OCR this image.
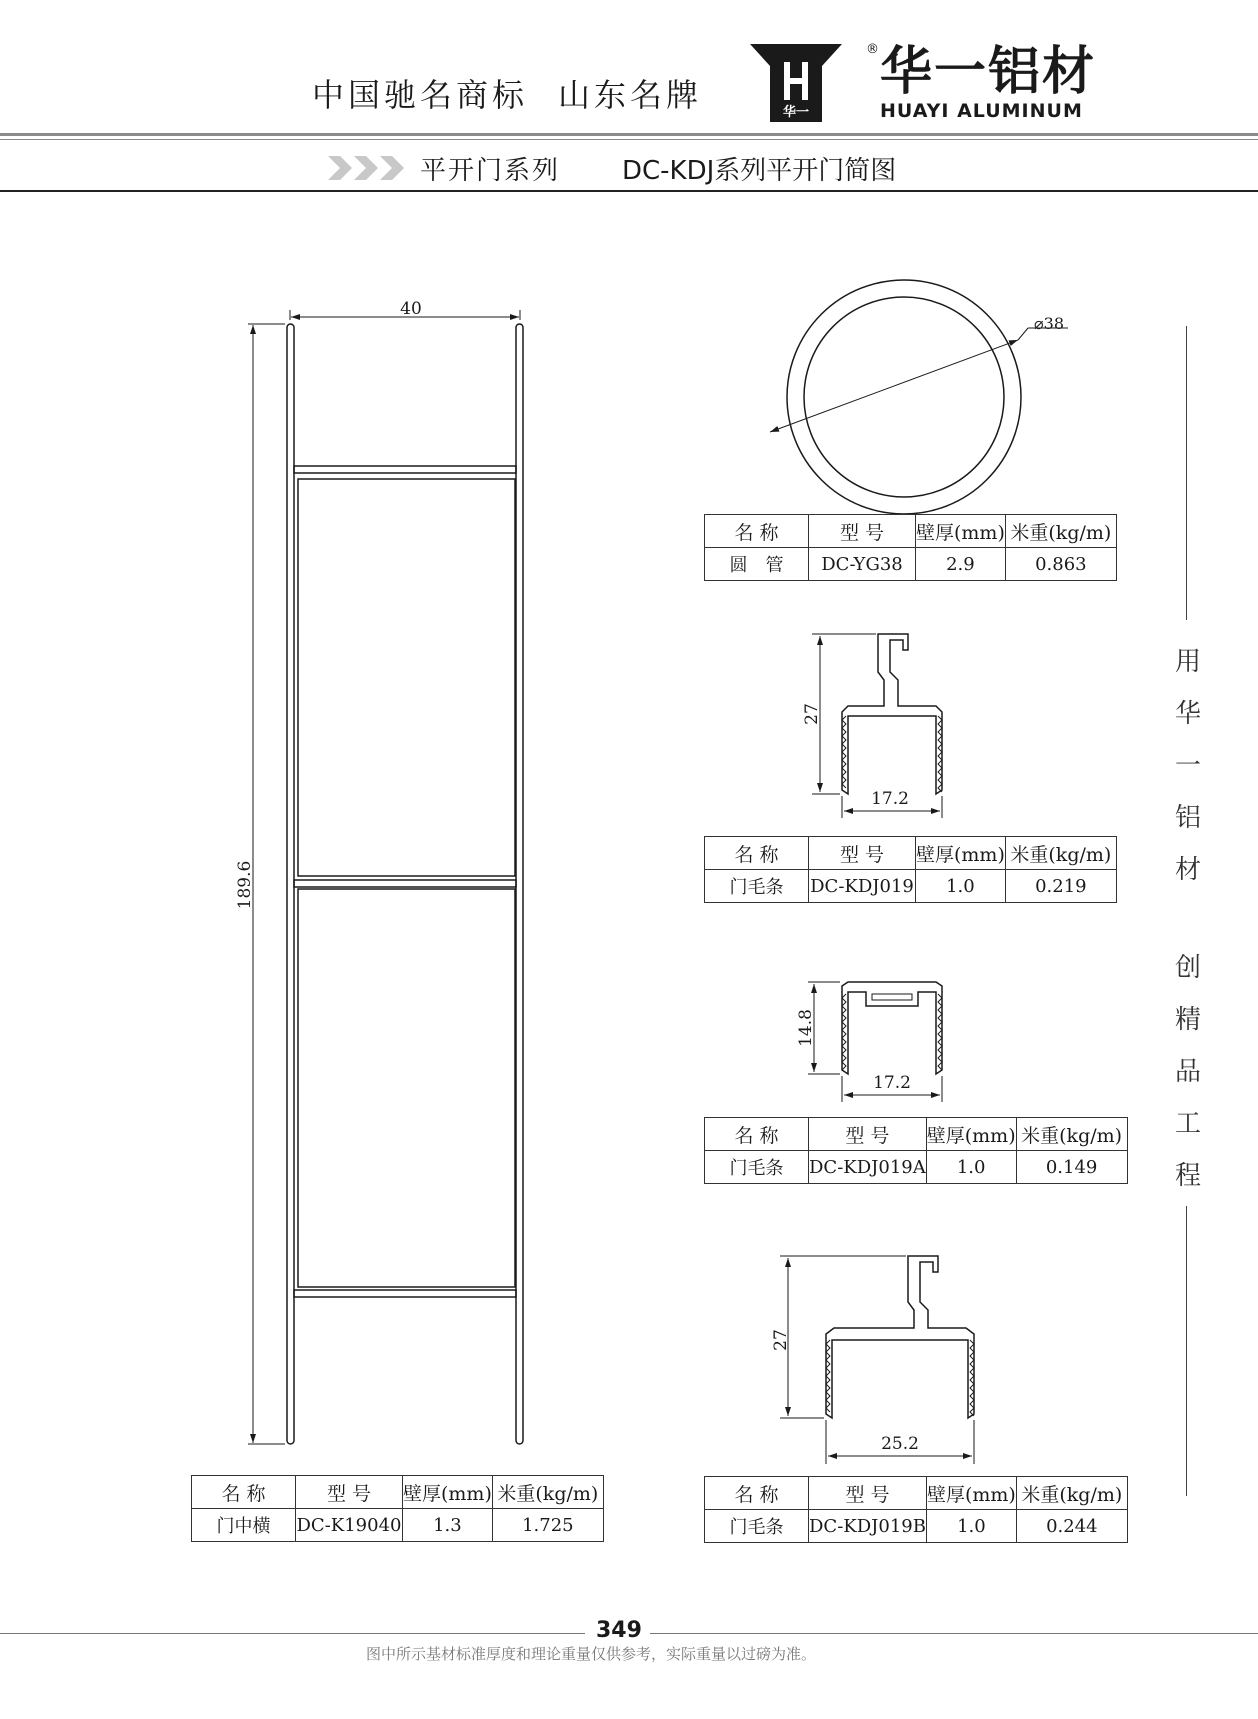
中国驰名商标 山东名牌	华一
® 华一铝材
HUAYI ALUMINUM
平开门系列 DC-KDJ系列平开门简图
40
189.6
⌀38
27
17.2
14.8
17.2
27
25.2
名 称	型 号	壁厚(mm)	米重(kg/m)
门中横	DC-K19040	1.3	1.725
名 称	型 号	壁厚(mm)	米重(kg/m)
圆　管	DC-YG38	2.9	0.863
名 称	型 号	壁厚(mm)	米重(kg/m)
门毛条	DC-KDJ019	1.0	0.219
名 称	型 号	壁厚(mm)	米重(kg/m)
门毛条	DC-KDJ019A	1.0	0.149
名 称	型 号	壁厚(mm)	米重(kg/m)
门毛条	DC-KDJ019B	1.0	0.244
用
华
一
铝
材
创
精
品
工
程
349
图中所示基材标准厚度和理论重量仅供参考，实际重量以过磅为准。
